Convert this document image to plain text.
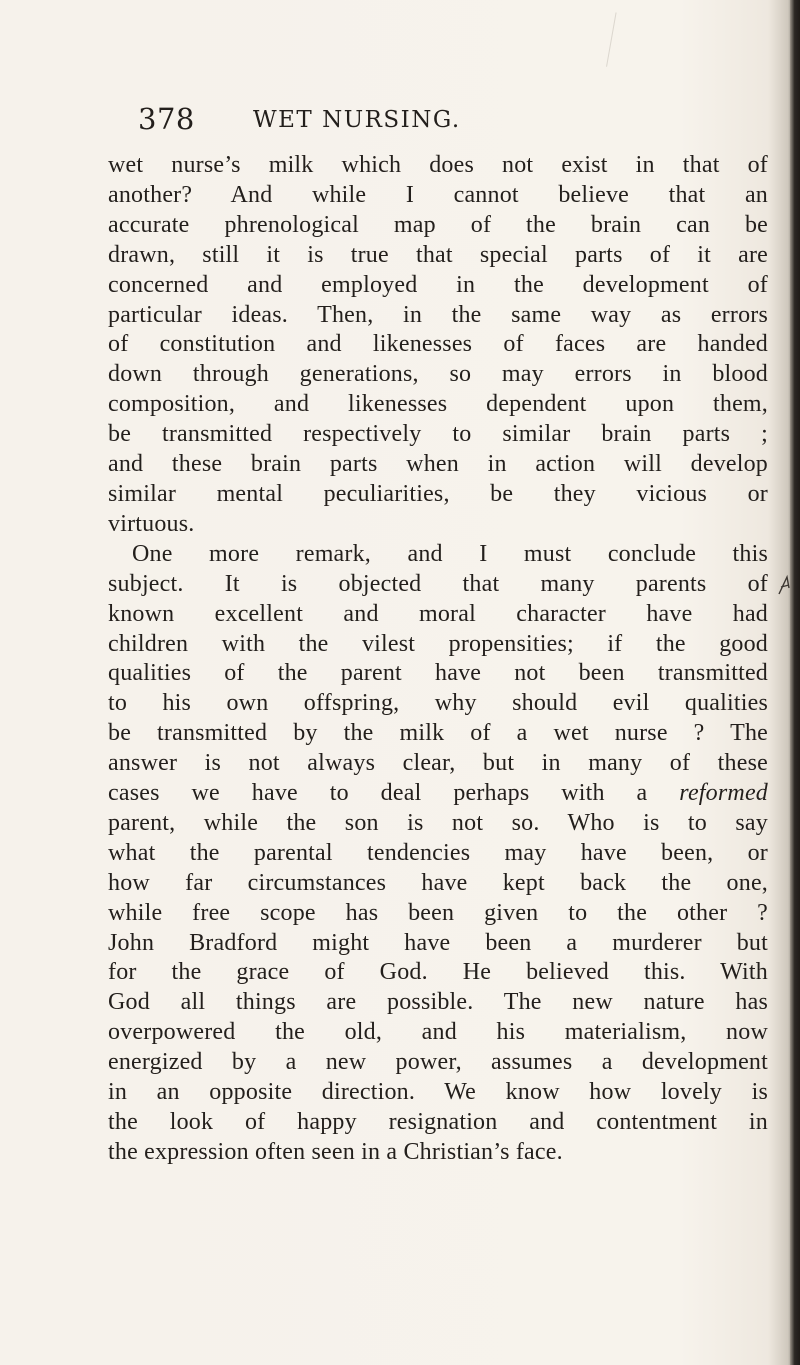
378	WET NURSING.
wet nurse’s milk which does not exist in that of
another? And while I cannot believe that an
accurate phrenological map of the brain can be
drawn, still it is true that special parts of it are
concerned and employed in the development of
particular ideas. Then, in the same way as errors
of constitution and likenesses of faces are handed
down through generations, so may errors in blood
composition, and likenesses dependent upon them,
be transmitted respectively to similar brain parts ;
and these brain parts when in action will develop
similar mental peculiarities, be they vicious or
virtuous.
One more remark, and I must conclude this
subject. It is objected that many parents of
known excellent and moral character have had
children with the vilest propensities; if the good
qualities of the parent have not been transmitted
to his own offspring, why should evil qualities
be transmitted by the milk of a wet nurse ? The
answer is not always clear, but in many of these
cases we have to deal perhaps with a reformed
parent, while the son is not so. Who is to say
what the parental tendencies may have been, or
how far circumstances have kept back the one,
while free scope has been given to the other ?
John Bradford might have been a murderer but
for the grace of God. He believed this. With
God all things are possible. The new nature has
overpowered the old, and his materialism, now
energized by a new power, assumes a development
in an opposite direction. We know how lovely is
the look of happy resignation and contentment in
the expression often seen in a Christian’s face.
